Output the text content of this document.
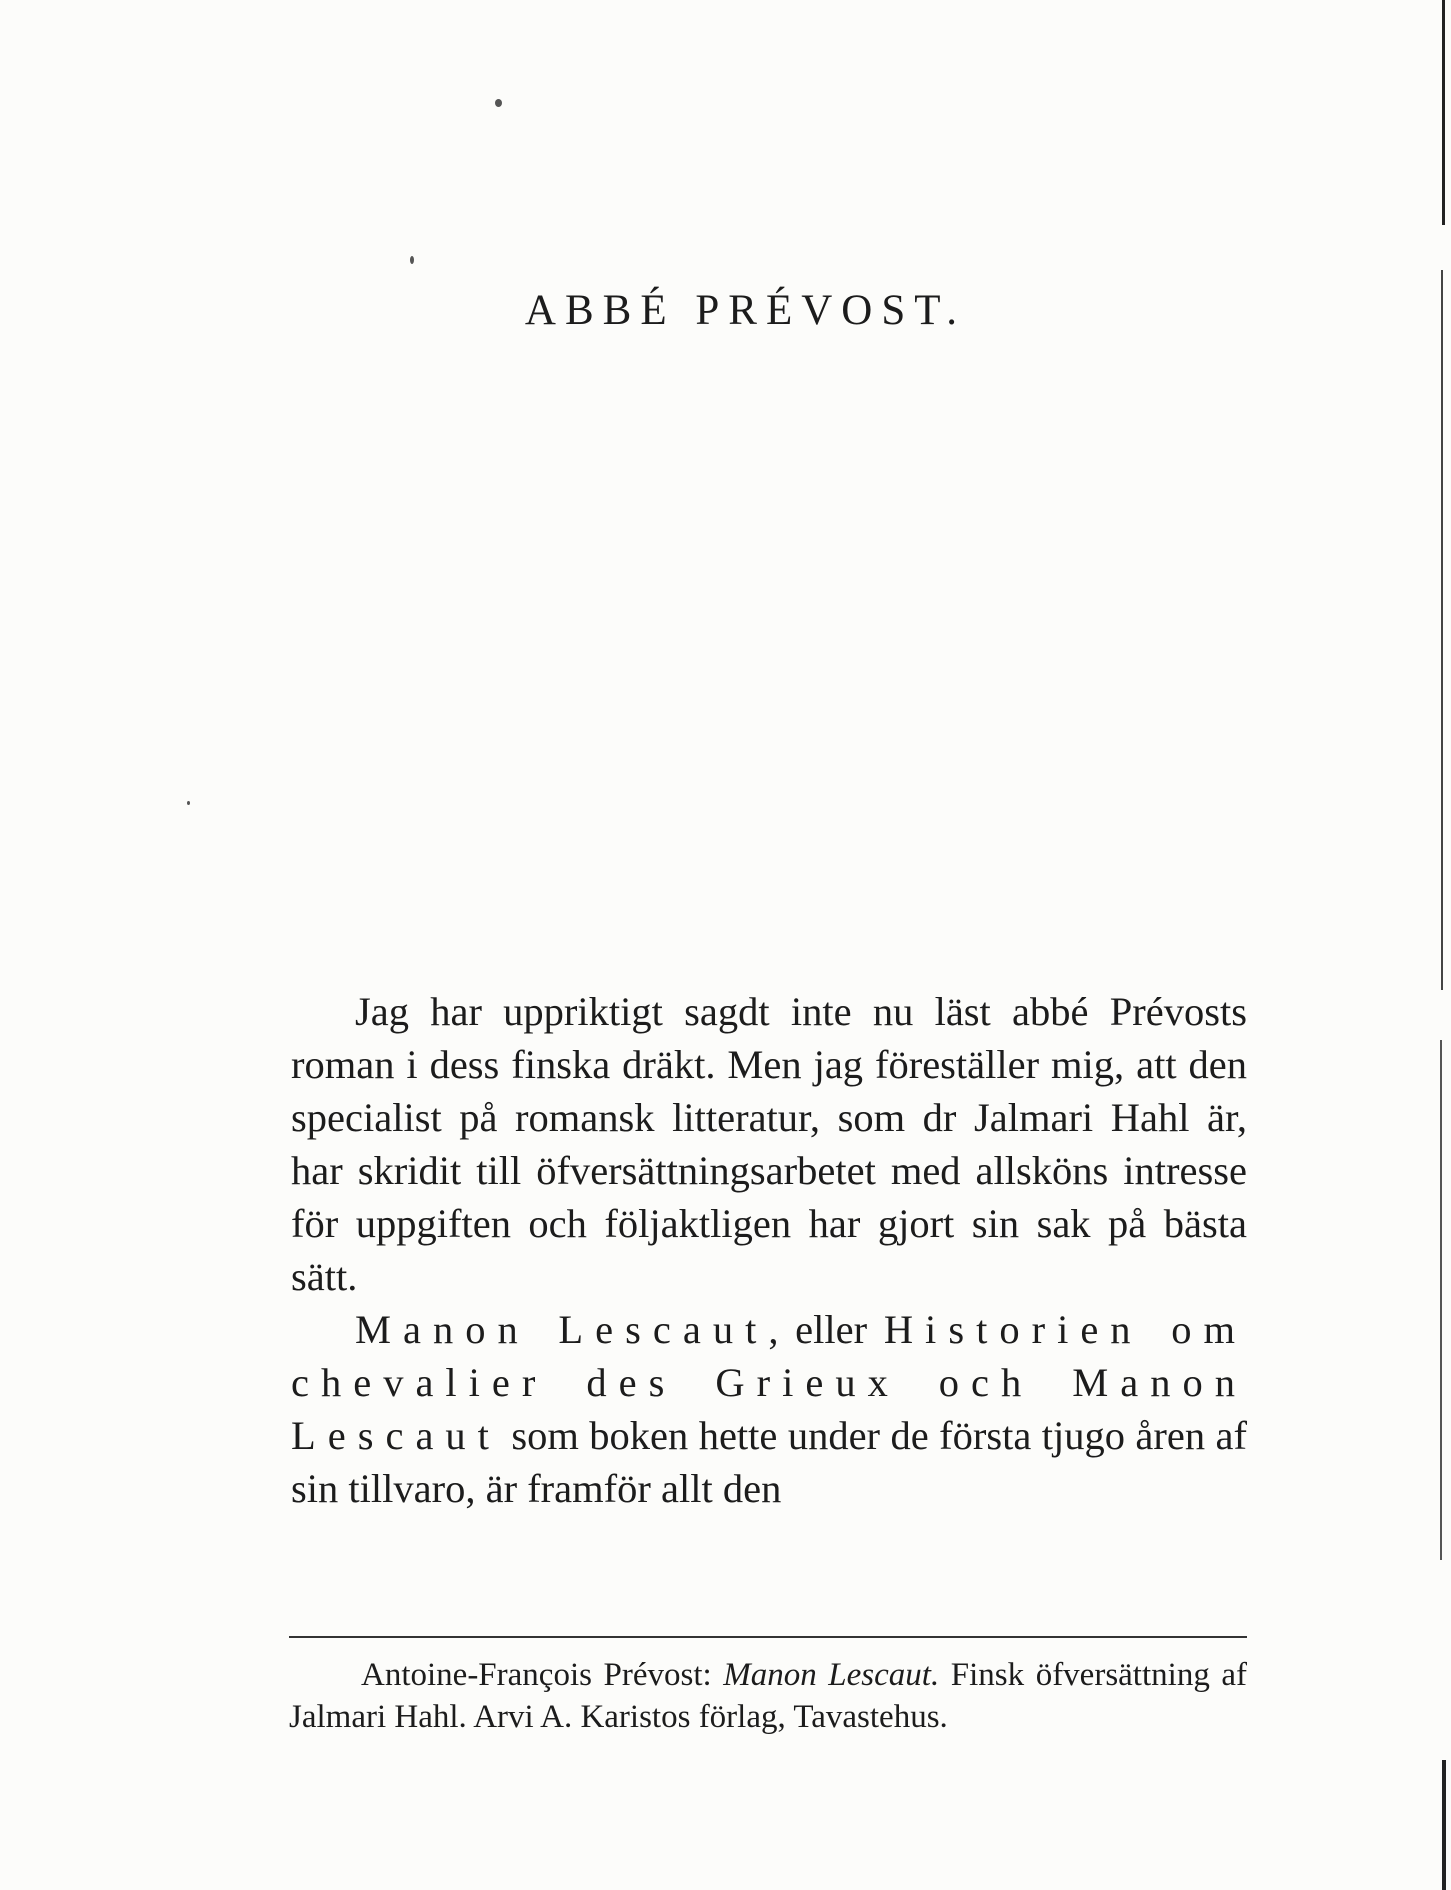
ABBÉ PRÉVOST.

Jag har uppriktigt sagdt inte nu läst abbé Prévosts roman i dess finska dräkt. Men jag föreställer mig, att den specialist på romansk litteratur, som dr Jalmari Hahl är, har skridit till öfversättningsarbetet med allsköns intresse för uppgiften och följaktligen har gjort sin sak på bästa sätt.

Manon Lescaut, eller Historien om chevalier des Grieux och Manon Lescaut som boken hette under de första tjugo åren af sin tillvaro, är framför allt den

Antoine-François Prévost: Manon Lescaut. Finsk öfversättning af Jalmari Hahl. Arvi A. Karistos förlag, Tavastehus.
